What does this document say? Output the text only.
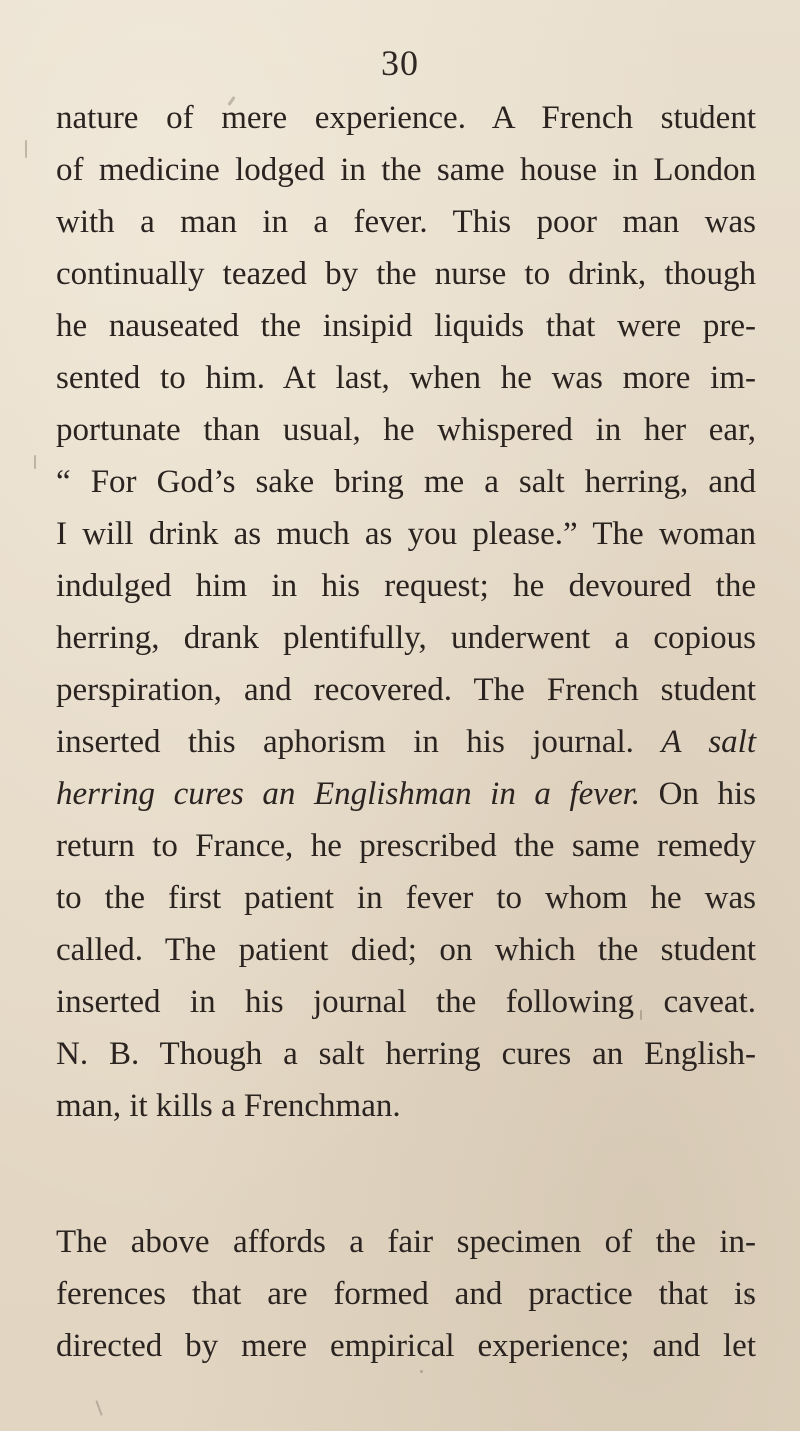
30
nature of mere experience. A French student
of medicine lodged in the same house in London
with a man in a fever. This poor man was
continually teazed by the nurse to drink, though
he nauseated the insipid liquids that were pre-
sented to him. At last, when he was more im-
portunate than usual, he whispered in her ear,
“ For God’s sake bring me a salt herring, and
I will drink as much as you please.” The woman
indulged him in his request; he devoured the
herring, drank plentifully, underwent a copious
perspiration, and recovered. The French student
inserted this aphorism in his journal. A salt
herring cures an Englishman in a fever. On his
return to France, he prescribed the same remedy
to the first patient in fever to whom he was
called. The patient died; on which the student
inserted in his journal the following caveat.
N. B. Though a salt herring cures an English-
man, it kills a Frenchman.
The above affords a fair specimen of the in-
ferences that are formed and practice that is
directed by mere empirical experience; and let
